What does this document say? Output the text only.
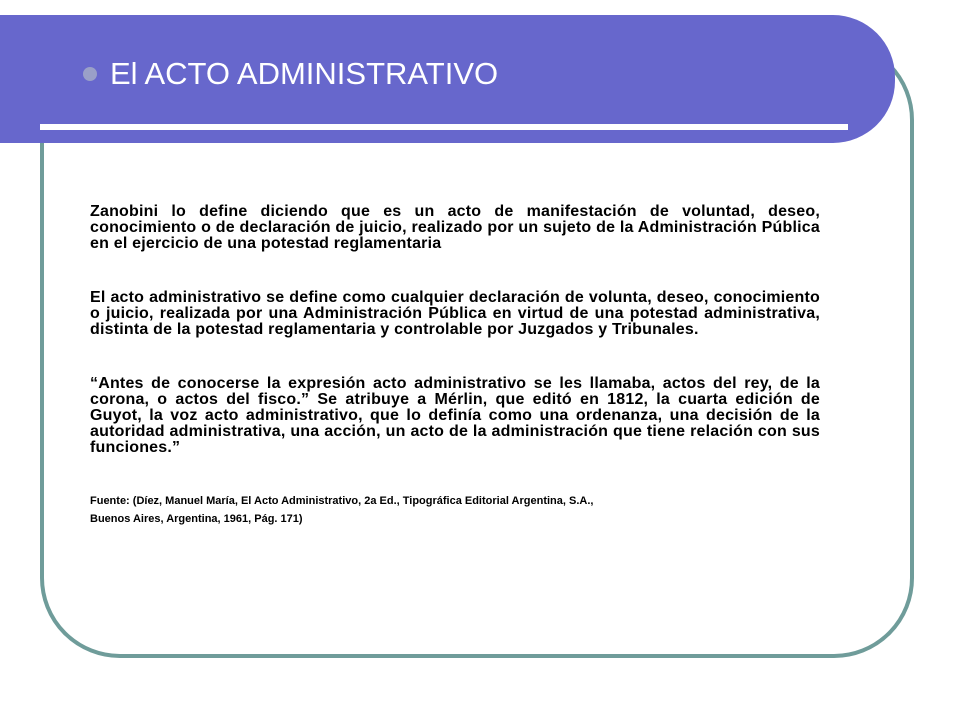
El ACTO ADMINISTRATIVO

Zanobini lo define diciendo que es un acto de manifestación de voluntad, deseo, conocimiento o de declaración de juicio, realizado por un sujeto de la Administración Pública en el ejercicio de una potestad reglamentaria

El acto administrativo se define como cualquier declaración de volunta, deseo, conocimiento o juicio, realizada por una Administración Pública en virtud de una potestad administrativa, distinta de la potestad reglamentaria y controlable por Juzgados y Tribunales.

“Antes de conocerse la expresión acto administrativo se les llamaba, actos del rey, de la corona, o actos del fisco.” Se atribuye a Mérlin, que editó en 1812, la cuarta edición de Guyot, la voz acto administrativo, que lo definía como una ordenanza, una decisión de la autoridad administrativa, una acción, un acto de la administración que tiene relación con sus funciones.”

Fuente: (Díez, Manuel María, El Acto Administrativo, 2a Ed., Tipográfica Editorial Argentina, S.A.,
Buenos Aires, Argentina, 1961, Pág. 171)
